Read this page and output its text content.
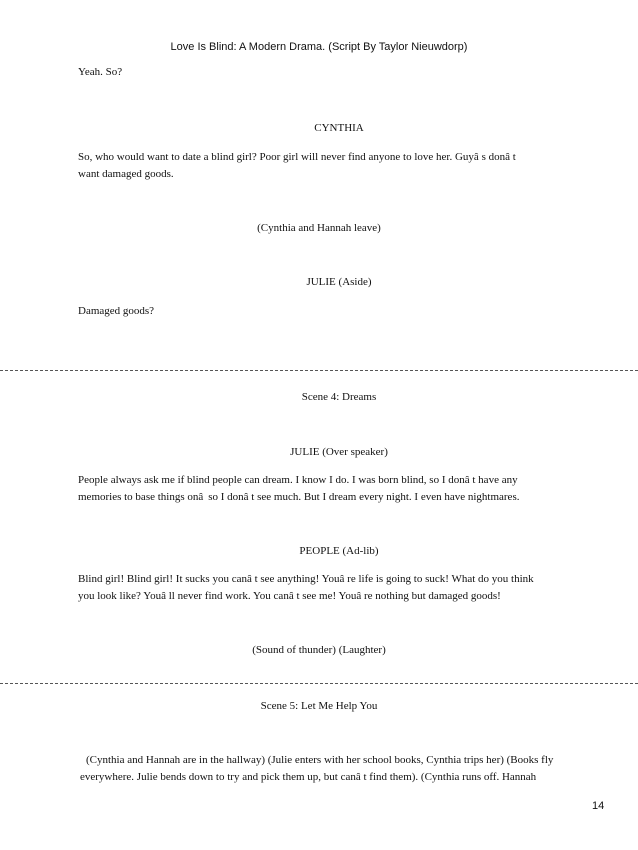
Love Is Blind: A Modern Drama. (Script By Taylor Nieuwdorp)
Yeah. So?
CYNTHIA
So, who would want to date a blind girl? Poor girl will never find anyone to love her. Guyâ s donâ t
want damaged goods.
(Cynthia and Hannah leave)
JULIE (Aside)
Damaged goods?
Scene 4: Dreams
JULIE (Over speaker)
People always ask me if blind people can dream. I know I do. I was born blind, so I donâ t have any
memories to base things onâ  so I donâ t see much. But I dream every night. I even have nightmares.
PEOPLE (Ad-lib)
Blind girl! Blind girl! It sucks you canâ t see anything! Youâ re life is going to suck! What do you think
you look like? Youâ ll never find work. You canâ t see me! Youâ re nothing but damaged goods!
(Sound of thunder) (Laughter)
Scene 5: Let Me Help You
(Cynthia and Hannah are in the hallway) (Julie enters with her school books, Cynthia trips her) (Books fly
everywhere. Julie bends down to try and pick them up, but canâ t find them). (Cynthia runs off. Hannah
14
